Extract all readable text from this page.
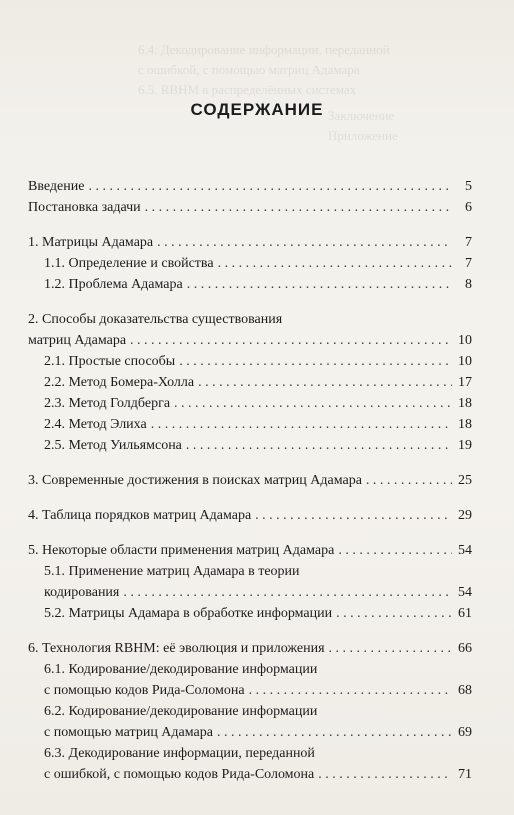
6.4. Декодирование информации, переданной
с ошибкой, с помощью матриц Адамара
6.5. RBHM в распределённых системах
Заключение
Приложение
СОДЕРЖАНИЕ
Введение . . .	5
Постановка задачи . . .	6
1. Матрицы Адамара . . .	7
1.1. Определение и свойства . . .	7
1.2. Проблема Адамара . . .	8
2. Способы доказательства существования
матриц Адамара . . .	10
2.1. Простые способы . . .	10
2.2. Метод Бомера-Холла . . .	17
2.3. Метод Голдберга . . .	18
2.4. Метод Элиха . . .	18
2.5. Метод Уильямсона . . .	19
3. Современные достижения в поисках матриц Адамара . . .	25
4. Таблица порядков матриц Адамара . . .	29
5. Некоторые области применения матриц Адамара . . .	54
5.1. Применение матриц Адамара в теории
кодирования . . .	54
5.2. Матрицы Адамара в обработке информации . . .	61
6. Технология RBHM: её эволюция и приложения . . .	66
6.1. Кодирование/декодирование информации
с помощью кодов Рида-Соломона . . .	68
6.2. Кодирование/декодирование информации
с помощью матриц Адамара . . .	69
6.3. Декодирование информации, переданной
с ошибкой, с помощью кодов Рида-Соломона . . .	71
